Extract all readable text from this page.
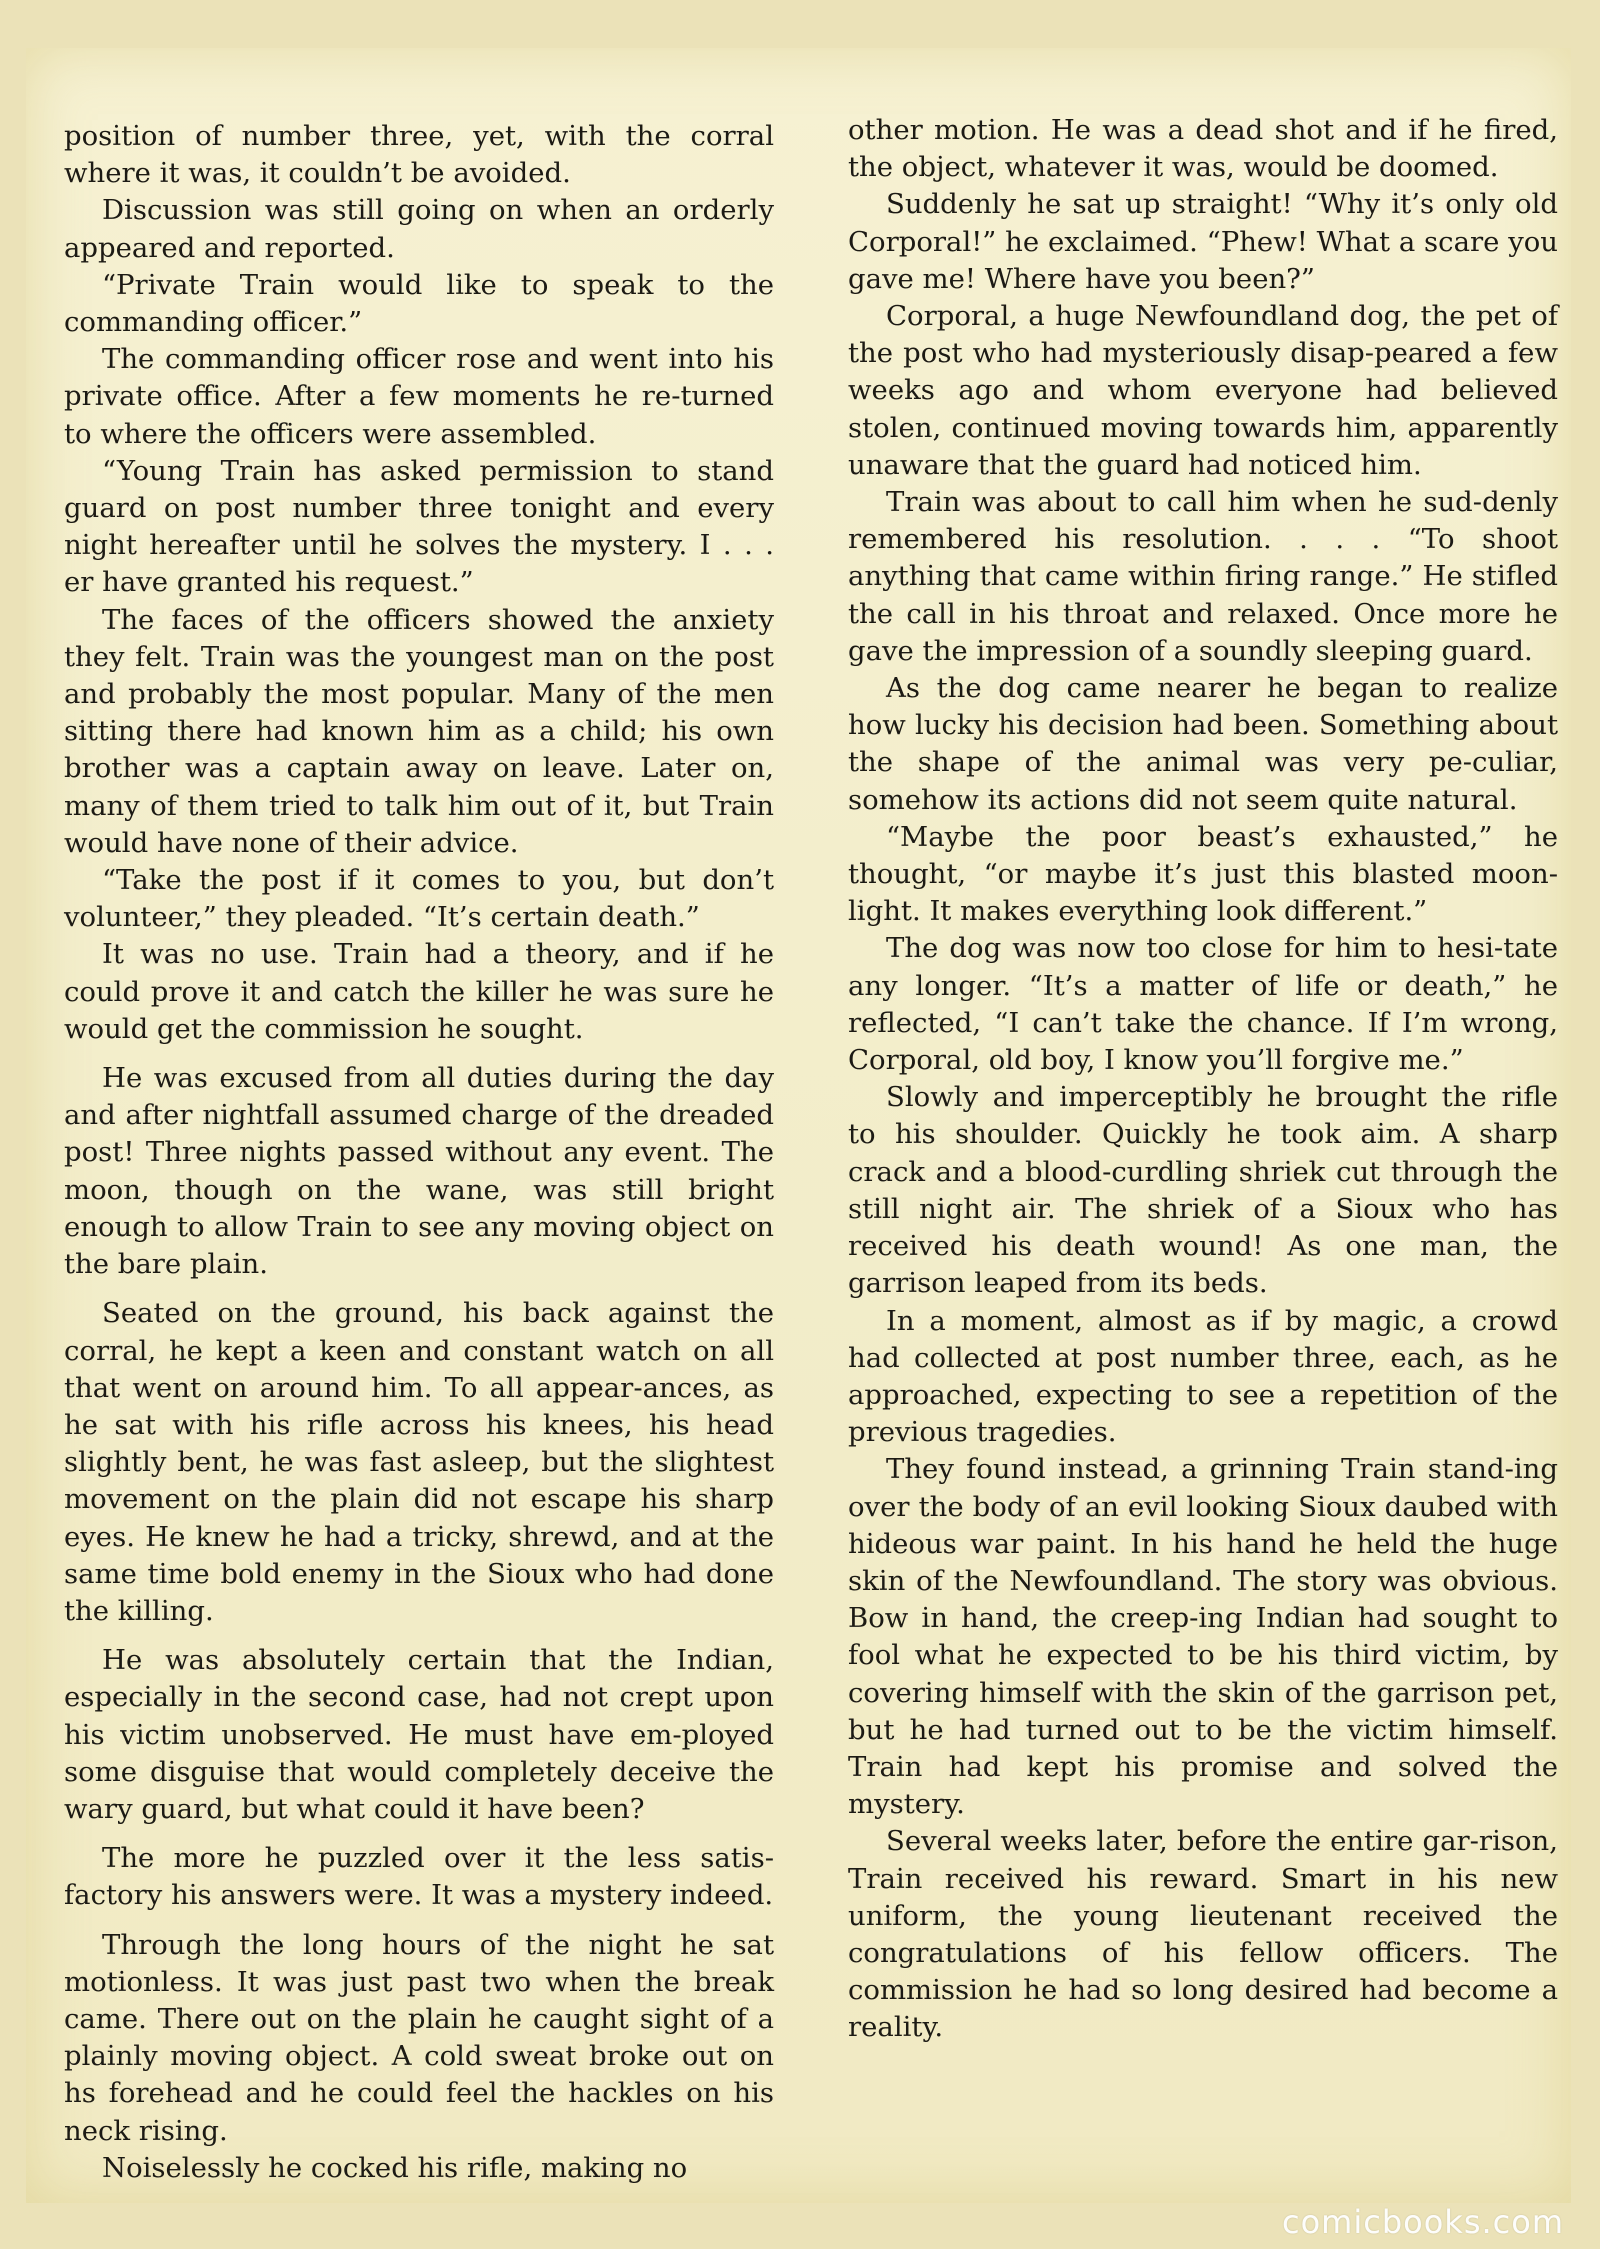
position of number three, yet, with the corral where it was, it couldn’t be avoided.

Discussion was still going on when an orderly appeared and reported.

“Private Train would like to speak to the commanding officer.”

The commanding officer rose and went into his private office. After a few moments he re-turned to where the officers were assembled.

“Young Train has asked permission to stand guard on post number three tonight and every night hereafter until he solves the mystery. I . . . er have granted his request.”

The faces of the officers showed the anxiety they felt. Train was the youngest man on the post and probably the most popular. Many of the men sitting there had known him as a child; his own brother was a captain away on leave. Later on, many of them tried to talk him out of it, but Train would have none of their advice.

“Take the post if it comes to you, but don’t volunteer,” they pleaded. “It’s certain death.”

It was no use. Train had a theory, and if he could prove it and catch the killer he was sure he would get the commission he sought.

He was excused from all duties during the day and after nightfall assumed charge of the dreaded post! Three nights passed without any event. The moon, though on the wane, was still bright enough to allow Train to see any moving object on the bare plain.

Seated on the ground, his back against the corral, he kept a keen and constant watch on all that went on around him. To all appear-ances, as he sat with his rifle across his knees, his head slightly bent, he was fast asleep, but the slightest movement on the plain did not escape his sharp eyes. He knew he had a tricky, shrewd, and at the same time bold enemy in the Sioux who had done the killing.

He was absolutely certain that the Indian, especially in the second case, had not crept upon his victim unobserved. He must have em-ployed some disguise that would completely deceive the wary guard, but what could it have been?

The more he puzzled over it the less satis-factory his answers were. It was a mystery indeed.

Through the long hours of the night he sat motionless. It was just past two when the break came. There out on the plain he caught sight of a plainly moving object. A cold sweat broke out on hs forehead and he could feel the hackles on his neck rising.

Noiselessly he cocked his rifle, making no

other motion. He was a dead shot and if he fired, the object, whatever it was, would be doomed.

Suddenly he sat up straight! “Why it’s only old Corporal!” he exclaimed. “Phew! What a scare you gave me! Where have you been?”

Corporal, a huge Newfoundland dog, the pet of the post who had mysteriously disap-peared a few weeks ago and whom everyone had believed stolen, continued moving towards him, apparently unaware that the guard had noticed him.

Train was about to call him when he sud-denly remembered his resolution. . . . “To shoot anything that came within firing range.” He stifled the call in his throat and relaxed. Once more he gave the impression of a soundly sleeping guard.

As the dog came nearer he began to realize how lucky his decision had been. Something about the shape of the animal was very pe-culiar, somehow its actions did not seem quite natural.

“Maybe the poor beast’s exhausted,” he thought, “or maybe it’s just this blasted moon-light. It makes everything look different.”

The dog was now too close for him to hesi-tate any longer. “It’s a matter of life or death,” he reflected, “I can’t take the chance. If I’m wrong, Corporal, old boy, I know you’ll forgive me.”

Slowly and imperceptibly he brought the rifle to his shoulder. Quickly he took aim. A sharp crack and a blood-curdling shriek cut through the still night air. The shriek of a Sioux who has received his death wound! As one man, the garrison leaped from its beds.

In a moment, almost as if by magic, a crowd had collected at post number three, each, as he approached, expecting to see a repetition of the previous tragedies.

They found instead, a grinning Train stand-ing over the body of an evil looking Sioux daubed with hideous war paint. In his hand he held the huge skin of the Newfoundland. The story was obvious. Bow in hand, the creep-ing Indian had sought to fool what he expected to be his third victim, by covering himself with the skin of the garrison pet, but he had turned out to be the victim himself. Train had kept his promise and solved the mystery.

Several weeks later, before the entire gar-rison, Train received his reward. Smart in his new uniform, the young lieutenant received the congratulations of his fellow officers. The commission he had so long desired had become a reality.

comicbooks.com
